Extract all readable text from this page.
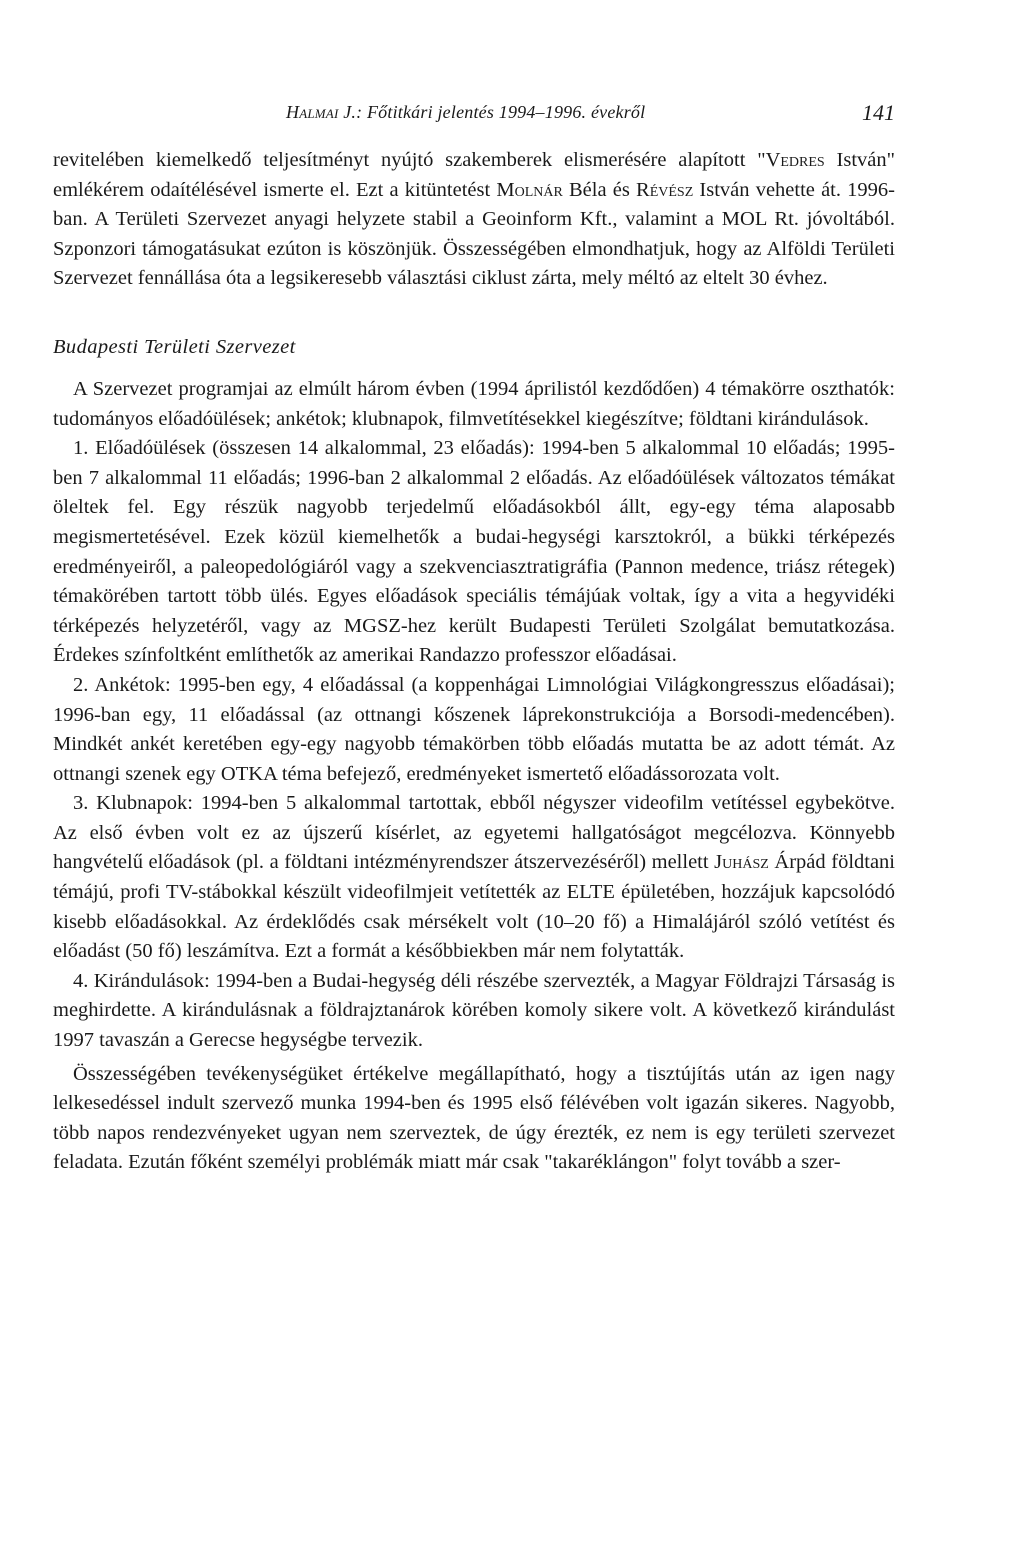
Halmai J.: Főtitkári jelentés 1994–1996. évekről	141

revitelében kiemelkedő teljesítményt nyújtó szakemberek elismerésére alapított "Vedres István" emlékérem odaítélésével ismerte el. Ezt a kitüntetést Molnár Béla és Révész István vehette át. 1996-ban. A Területi Szervezet anyagi helyzete stabil a Geoinform Kft., valamint a MOL Rt. jóvoltából. Szponzori támogatásukat ezúton is köszönjük. Összességében elmondhatjuk, hogy az Alföldi Területi Szervezet fennállása óta a legsikeresebb választási ciklust zárta, mely méltó az eltelt 30 évhez.

Budapesti Területi Szervezet

A Szervezet programjai az elmúlt három évben (1994 áprilistól kezdődően) 4 témakörre oszthatók: tudományos előadóülések; ankétok; klubnapok, filmvetítésekkel kiegészítve; földtani kirándulások.

1. Előadóülések (összesen 14 alkalommal, 23 előadás): 1994-ben 5 alkalommal 10 előadás; 1995-ben 7 alkalommal 11 előadás; 1996-ban 2 alkalommal 2 előadás. Az előadóülések változatos témákat öleltek fel. Egy részük nagyobb terjedelmű előadásokból állt, egy-egy téma alaposabb megismertetésével. Ezek közül kiemelhetők a budai-hegységi karsztokról, a bükki térképezés eredményeiről, a paleopedológiáról vagy a szekvenciasztratigráfia (Pannon medence, triász rétegek) témakörében tartott több ülés. Egyes előadások speciális témájúak voltak, így a vita a hegyvidéki térképezés helyzetéről, vagy az MGSZ-hez került Budapesti Területi Szolgálat bemutatkozása. Érdekes színfoltként említhetők az amerikai Randazzo professzor előadásai.

2. Ankétok: 1995-ben egy, 4 előadással (a koppenhágai Limnológiai Világkongresszus előadásai); 1996-ban egy, 11 előadással (az ottnangi kőszenek láprekonstrukciója a Borsodi-medencében). Mindkét ankét keretében egy-egy nagyobb témakörben több előadás mutatta be az adott témát. Az ottnangi szenek egy OTKA téma befejező, eredményeket ismertető előadássorozata volt.

3. Klubnapok: 1994-ben 5 alkalommal tartottak, ebből négyszer videofilm vetítéssel egybekötve. Az első évben volt ez az újszerű kísérlet, az egyetemi hallgatóságot megcélozva. Könnyebb hangvételű előadások (pl. a földtani intézményrendszer átszervezéséről) mellett Juhász Árpád földtani témájú, profi TV-stábokkal készült videofilmjeit vetítették az ELTE épületében, hozzájuk kapcsolódó kisebb előadásokkal. Az érdeklődés csak mérsékelt volt (10–20 fő) a Himalájáról szóló vetítést és előadást (50 fő) leszámítva. Ezt a formát a későbbiekben már nem folytatták.

4. Kirándulások: 1994-ben a Budai-hegység déli részébe szervezték, a Magyar Földrajzi Társaság is meghirdette. A kirándulásnak a földrajztanárok körében komoly sikere volt. A következő kirándulást 1997 tavaszán a Gerecse hegységbe tervezik.

Összességében tevékenységüket értékelve megállapítható, hogy a tisztújítás után az igen nagy lelkesedéssel indult szervező munka 1994-ben és 1995 első félévében volt igazán sikeres. Nagyobb, több napos rendezvényeket ugyan nem szerveztek, de úgy érezték, ez nem is egy területi szervezet feladata. Ezután főként személyi problémák miatt már csak "takaréklángon" folyt tovább a szer-
